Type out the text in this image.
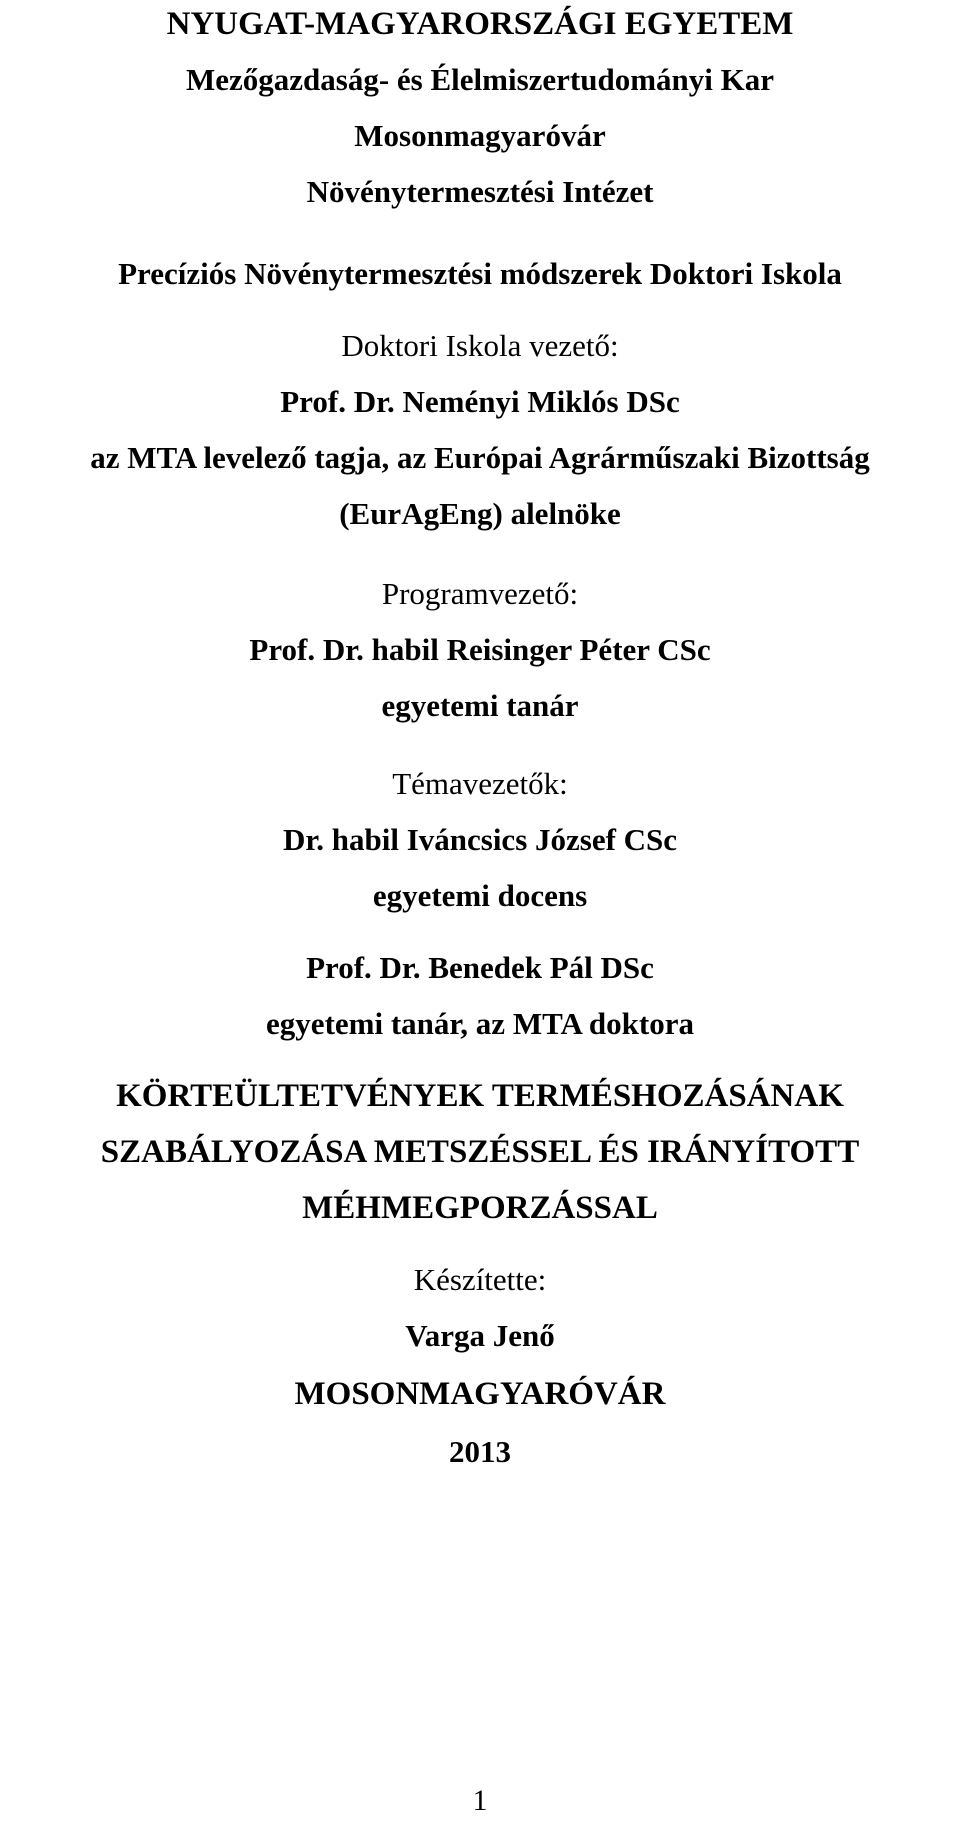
NYUGAT-MAGYARORSZÁGI EGYETEM
Mezőgazdaság- és Élelmiszertudományi Kar
Mosonmagyaróvár
Növénytermesztési Intézet
Precíziós Növénytermesztési módszerek Doktori Iskola
Doktori Iskola vezető:
Prof. Dr. Neményi Miklós DSc
az MTA levelező tagja, az Európai Agrárműszaki Bizottság
(EurAgEng) alelnöke
Programvezető:
Prof. Dr. habil Reisinger Péter CSc
egyetemi tanár
Témavezetők:
Dr. habil Iváncsics József CSc
egyetemi docens
Prof. Dr. Benedek Pál DSc
egyetemi tanár, az MTA doktora
KÖRTEÜLTETVÉNYEK TERMÉSHOZÁSÁNAK
SZABÁLYOZÁSA METSZÉSSEL ÉS IRÁNYÍTOTT
MÉHMEGPORZÁSSAL
Készítette:
Varga Jenő
MOSONMAGYARÓVÁR
2013
1
